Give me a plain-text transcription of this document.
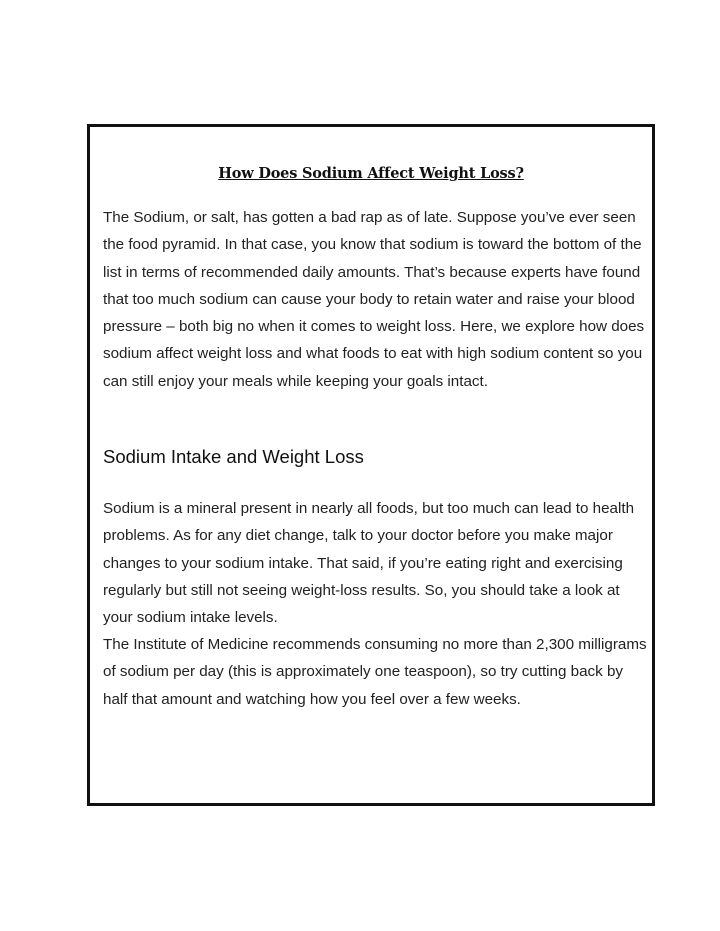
How Does Sodium Affect Weight Loss?

The Sodium, or salt, has gotten a bad rap as of late. Suppose you’ve ever seen the food pyramid. In that case, you know that sodium is toward the bottom of the list in terms of recommended daily amounts. That’s because experts have found that too much sodium can cause your body to retain water and raise your blood pressure – both big no when it comes to weight loss. Here, we explore how does sodium affect weight loss and what foods to eat with high sodium content so you can still enjoy your meals while keeping your goals intact.

Sodium Intake and Weight Loss

Sodium is a mineral present in nearly all foods, but too much can lead to health problems. As for any diet change, talk to your doctor before you make major changes to your sodium intake. That said, if you’re eating right and exercising regularly but still not seeing weight-loss results. So, you should take a look at your sodium intake levels.

The Institute of Medicine recommends consuming no more than 2,300 milligrams of sodium per day (this is approximately one teaspoon), so try cutting back by half that amount and watching how you feel over a few weeks.
